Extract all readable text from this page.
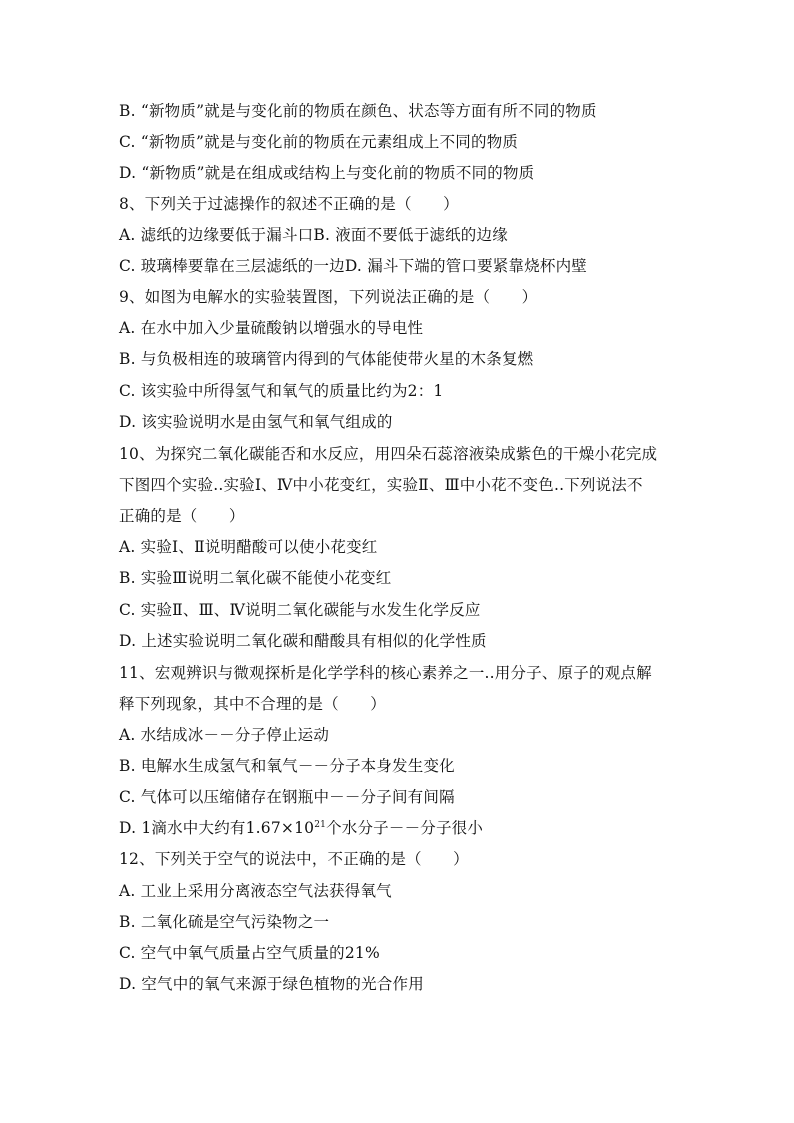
B. “新物质”就是与变化前的物质在颜色、状态等方面有所不同的物质
C. “新物质”就是与变化前的物质在元素组成上不同的物质
D. “新物质”就是在组成或结构上与变化前的物质不同的物质
8、下列关于过滤操作的叙述不正确的是（　　）
A. 滤纸的边缘要低于漏斗口B. 液面不要低于滤纸的边缘
C. 玻璃棒要靠在三层滤纸的一边D. 漏斗下端的管口要紧靠烧杯内壁
9、如图为电解水的实验装置图，下列说法正确的是（　　）
A. 在水中加入少量硫酸钠以增强水的导电性
B. 与负极相连的玻璃管内得到的气体能使带火星的木条复燃
C. 该实验中所得氢气和氧气的质量比约为2：1
D. 该实验说明水是由氢气和氧气组成的
10、为探究二氧化碳能否和水反应，用四朵石蕊溶液染成紫色的干燥小花完成
下图四个实验..实验Ⅰ、Ⅳ中小花变红，实验Ⅱ、Ⅲ中小花不变色..下列说法不
正确的是（　　）
A. 实验Ⅰ、Ⅱ说明醋酸可以使小花变红
B. 实验Ⅲ说明二氧化碳不能使小花变红
C. 实验Ⅱ、Ⅲ、Ⅳ说明二氧化碳能与水发生化学反应
D. 上述实验说明二氧化碳和醋酸具有相似的化学性质
11、宏观辨识与微观探析是化学学科的核心素养之一..用分子、原子的观点解
释下列现象，其中不合理的是（　　）
A. 水结成冰－－分子停止运动
B. 电解水生成氢气和氧气－－分子本身发生变化
C. 气体可以压缩储存在钢瓶中－－分子间有间隔
D. 1滴水中大约有$1.67\times 10^{21}$个水分子－－分子很小
12、下列关于空气的说法中，不正确的是（　　）
A. 工业上采用分离液态空气法获得氧气
B. 二氧化硫是空气污染物之一
C. 空气中氧气质量占空气质量的21%
D. 空气中的氧气来源于绿色植物的光合作用
